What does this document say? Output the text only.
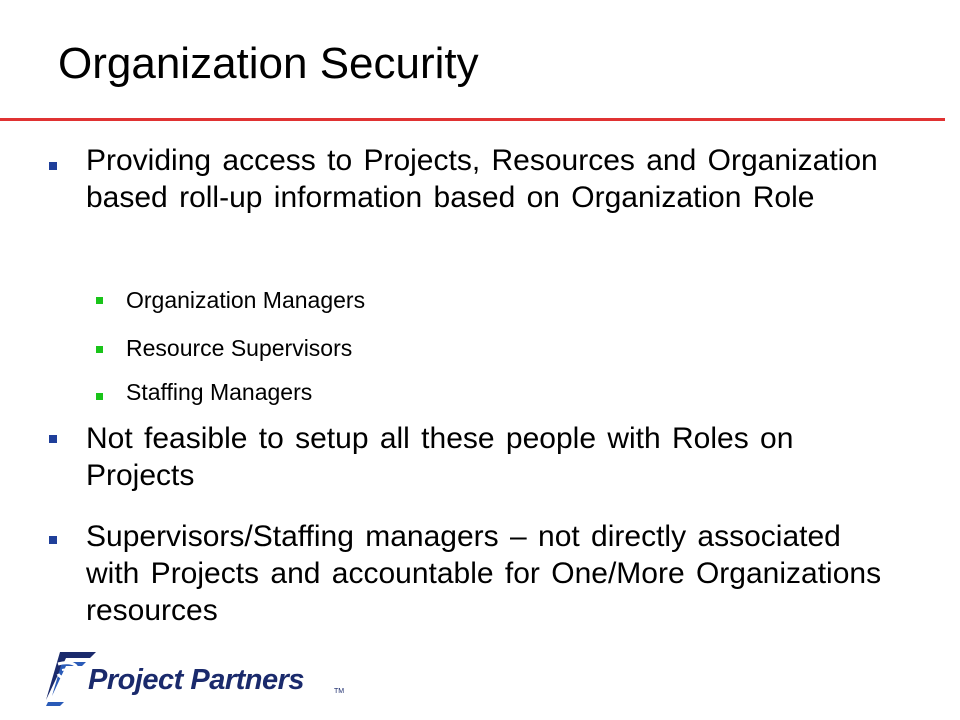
Organization Security
Providing access to Projects, Resources and Organization based roll-up information based on Organization Role
Organization Managers
Resource Supervisors
Staffing Managers
Not feasible to setup all these people with Roles on Projects
Supervisors/Staffing managers – not directly associated with Projects and accountable for One/More Organizations resources
Project Partners	TM
